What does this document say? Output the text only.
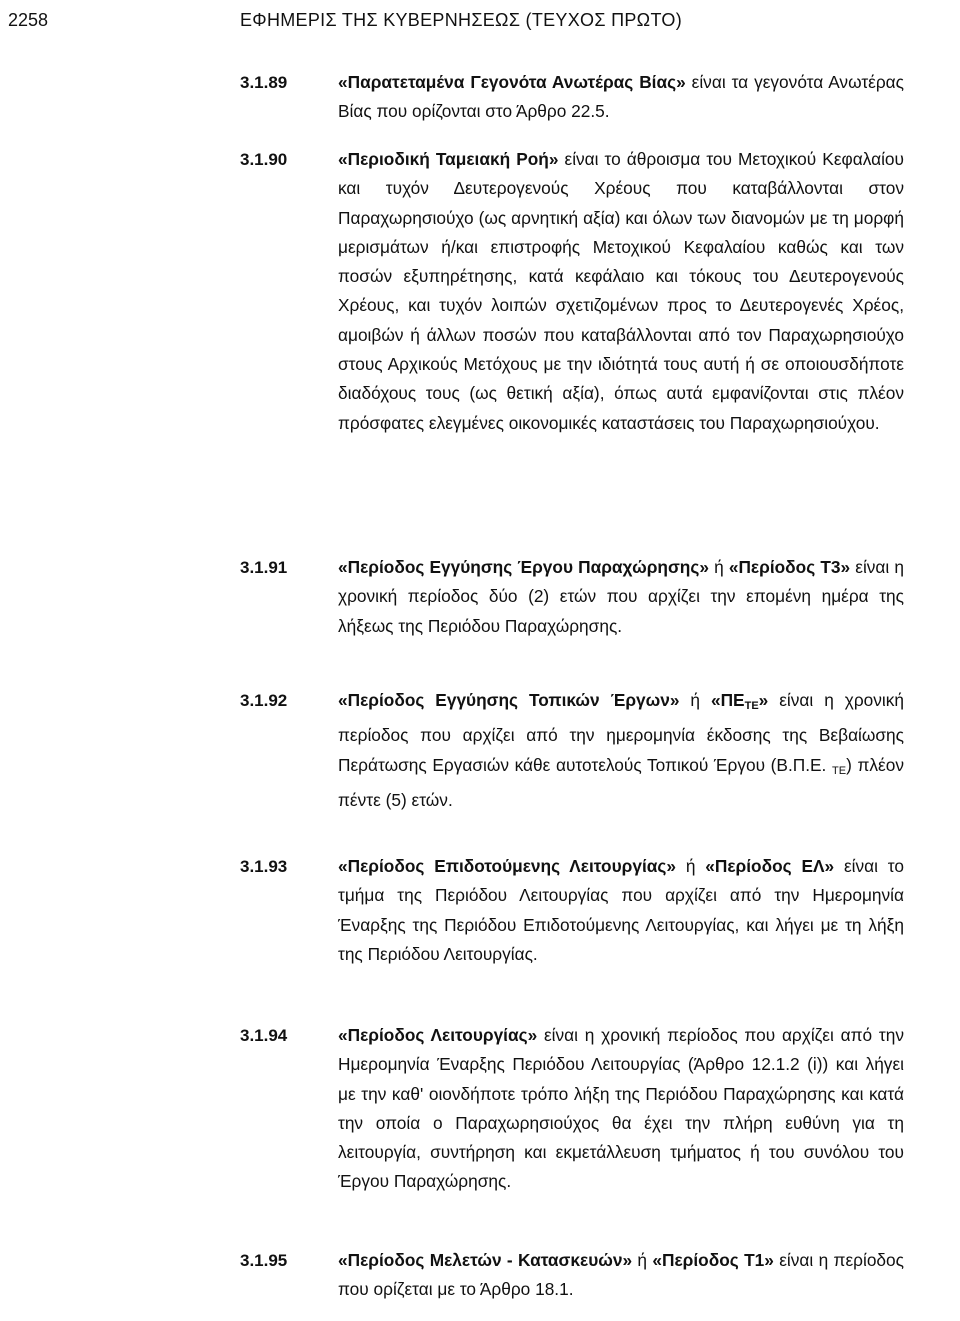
2258	ΕΦΗΜΕΡΙΣ ΤΗΣ ΚΥΒΕΡΝΗΣΕΩΣ (ΤΕΥΧΟΣ ΠΡΩΤΟ)
3.1.89	«Παρατεταμένα Γεγονότα Ανωτέρας Βίας» είναι τα γεγονότα Ανωτέρας Βίας που ορίζονται στο Άρθρο 22.5.
3.1.90	«Περιοδική Ταμειακή Ροή» είναι το άθροισμα του Μετοχικού Κεφαλαίου και τυχόν Δευτερογενούς Χρέους που καταβάλλονται στον Παραχωρησιούχο (ως αρνητική αξία) και όλων των διανομών με τη μορφή μερισμάτων ή/και επιστροφής Μετοχικού Κεφαλαίου καθώς και των ποσών εξυπηρέτησης, κατά κεφάλαιο και τόκους του Δευτερογενούς Χρέους, και τυχόν λοιπών σχετιζομένων προς το Δευτερογενές Χρέος, αμοιβών ή άλλων ποσών που καταβάλλονται από τον Παραχωρησιούχο στους Αρχικούς Μετόχους με την ιδιότητά τους αυτή ή σε οποιουσδήποτε διαδόχους τους (ως θετική αξία), όπως αυτά εμφανίζονται στις πλέον πρόσφατες ελεγμένες οικονομικές καταστάσεις του Παραχωρησιούχου.
3.1.91	«Περίοδος Εγγύησης Έργου Παραχώρησης» ή «Περίοδος Τ3» είναι η χρονική περίοδος δύο (2) ετών που αρχίζει την επομένη ημέρα της λήξεως της Περιόδου Παραχώρησης.
3.1.92	«Περίοδος Εγγύησης Τοπικών Έργων» ή «$\Pi E_{TE}$» είναι η χρονική περίοδος που αρχίζει από την ημερομηνία έκδοσης της Βεβαίωσης Περάτωσης Εργασιών κάθε αυτοτελούς Τοπικού Έργου (Β.Π.Ε. ΤΕ) πλέον πέντε (5) ετών.
3.1.93	«Περίοδος Επιδοτούμενης Λειτουργίας» ή «Περίοδος ΕΛ» είναι το τμήμα της Περιόδου Λειτουργίας που αρχίζει από την Ημερομηνία Έναρξης της Περιόδου Επιδοτούμενης Λειτουργίας, και λήγει με τη λήξη της Περιόδου Λειτουργίας.
3.1.94	«Περίοδος Λειτουργίας» είναι η χρονική περίοδος που αρχίζει από την Ημερομηνία Έναρξης Περιόδου Λειτουργίας (Άρθρο 12.1.2 (i)) και λήγει με την καθ' οιονδήποτε τρόπο λήξη της Περιόδου Παραχώρησης και κατά την οποία ο Παραχωρησιούχος θα έχει την πλήρη ευθύνη για τη λειτουργία, συντήρηση και εκμετάλλευση τμήματος ή του συνόλου του Έργου Παραχώρησης.
3.1.95	«Περίοδος Μελετών - Κατασκευών» ή «Περίοδος Τ1» είναι η περίοδος που ορίζεται με το Άρθρο 18.1.
